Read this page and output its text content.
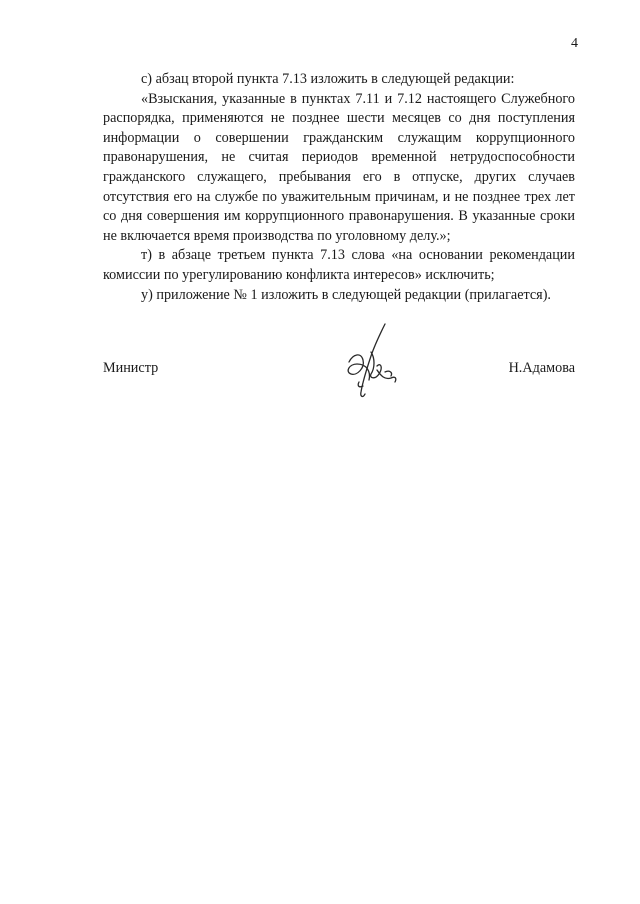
4

с) абзац второй пункта 7.13 изложить в следующей редакции:

«Взыскания, указанные в пунктах 7.11 и 7.12 настоящего Служебного распорядка, применяются не позднее шести месяцев со дня поступления информации о совершении гражданским служащим коррупционного правонарушения, не считая периодов временной нетрудоспособности гражданского служащего, пребывания его в отпуске, других случаев отсутствия его на службе по уважительным причинам, и не позднее трех лет со дня совершения им коррупционного правонарушения. В указанные сроки не включается время производства по уголовному делу.»;

т) в абзаце третьем пункта 7.13 слова «на основании рекомендации комиссии по урегулированию конфликта интересов» исключить;

у) приложение № 1 изложить в следующей редакции (прилагается).

Министр	Н.Адамова
